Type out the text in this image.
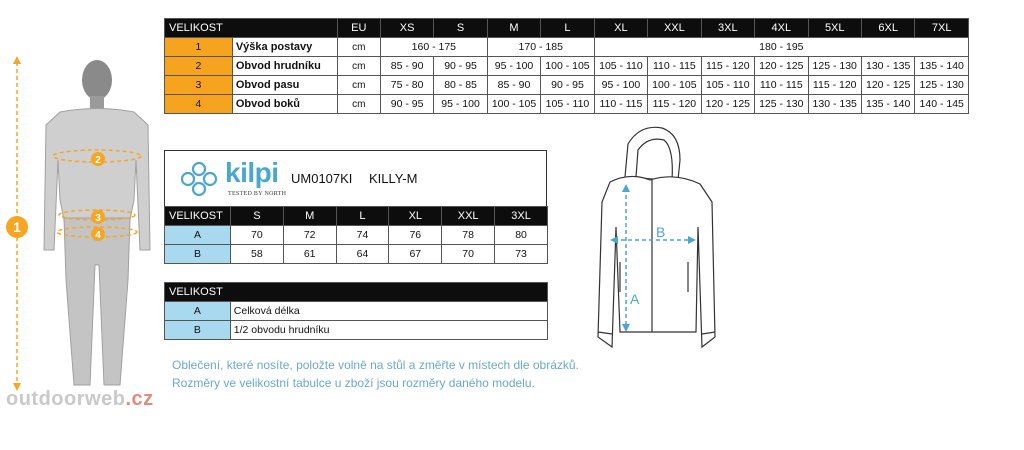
1
2
3
4
VELIKOST		EU	XS	S	M	L	XL	XXL	3XL	4XL	5XL	6XL	7XL
1	Výška postavy	cm	160 - 175		170 - 185		180 - 195						
2	Obvod hrudníku	cm	85 - 90	90 - 95	95 - 100	100 - 105	105 - 110	110 - 115	115 - 120	120 - 125	125 - 130	130 - 135	135 - 140
3	Obvod pasu	cm	75 - 80	80 - 85	85 - 90	90 - 95	95 - 100	100 - 105	105 - 110	110 - 115	115 - 120	120 - 125	125 - 130
4	Obvod boků	cm	90 - 95	95 - 100	100 - 105	105 - 110	110 - 115	115 - 120	120 - 125	125 - 130	130 - 135	135 - 140	140 - 145
kilpi
TESTED BY NORTH
UM0107KI KILLY-M
VELIKOST	S	M	L	XL	XXL	3XL
A	70	72	74	76	78	80
B	58	61	64	67	70	73
VELIKOST	
A	Celková délka
B	1/2 obvodu hrudníku
A
B
Oblečení, které nosíte, položte volně na stůl a změřte v místech dle obrázků.
Rozměry ve velikostní tabulce u zboží jsou rozměry daného modelu.
outdoorweb.cz
